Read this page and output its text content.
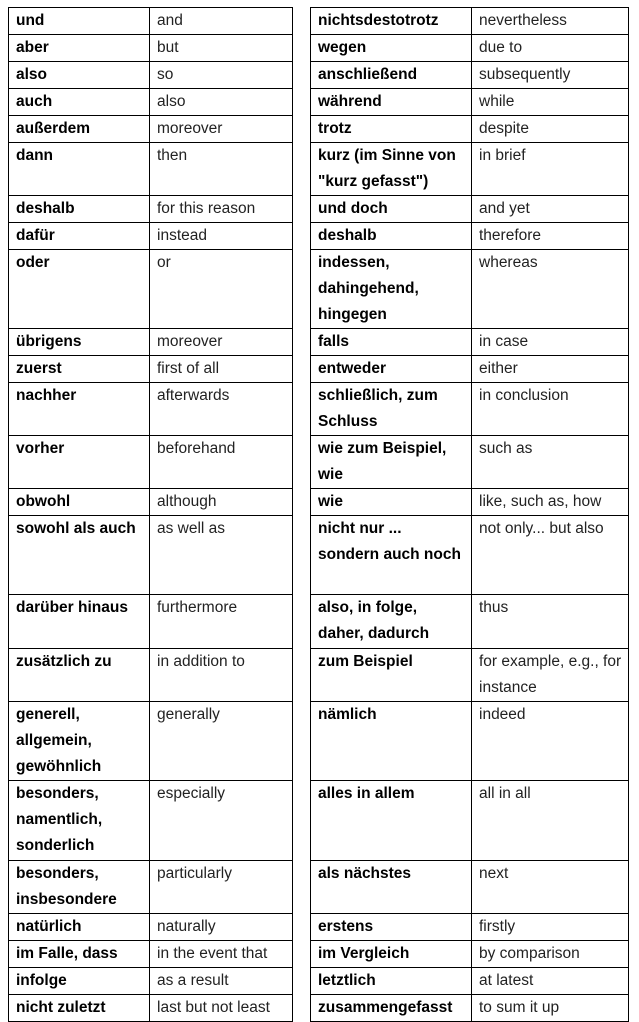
und	and
aber	but
also	so
auch	also
außerdem	moreover
dann	then
deshalb	for this reason
dafür	instead
oder	or
übrigens	moreover
zuerst	first of all
nachher	afterwards
vorher	beforehand
obwohl	although
sowohl als auch	as well as
darüber hinaus	furthermore
zusätzlich zu	in addition to
generell, allgemein, gewöhnlich	generally
besonders, namentlich, sonderlich	especially
besonders, insbesondere	particularly
natürlich	naturally
im Falle, dass	in the event that
infolge	as a result
nicht zuletzt	last but not least
nichtsdestotrotz	nevertheless
wegen	due to
anschließend	subsequently
während	while
trotz	despite
kurz (im Sinne von "kurz gefasst")	in brief
und doch	and yet
deshalb	therefore
indessen, dahingehend, hingegen	whereas
falls	in case
entweder	either
schließlich, zum Schluss	in conclusion
wie zum Beispiel, wie	such as
wie	like, such as, how
nicht nur ... sondern auch noch	not only... but also
also, in folge, daher, dadurch	thus
zum Beispiel	for example, e.g., for instance
nämlich	indeed
alles in allem	all in all
als nächstes	next
erstens	firstly
im Vergleich	by comparison
letztlich	at latest
zusammengefasst	to sum it up
